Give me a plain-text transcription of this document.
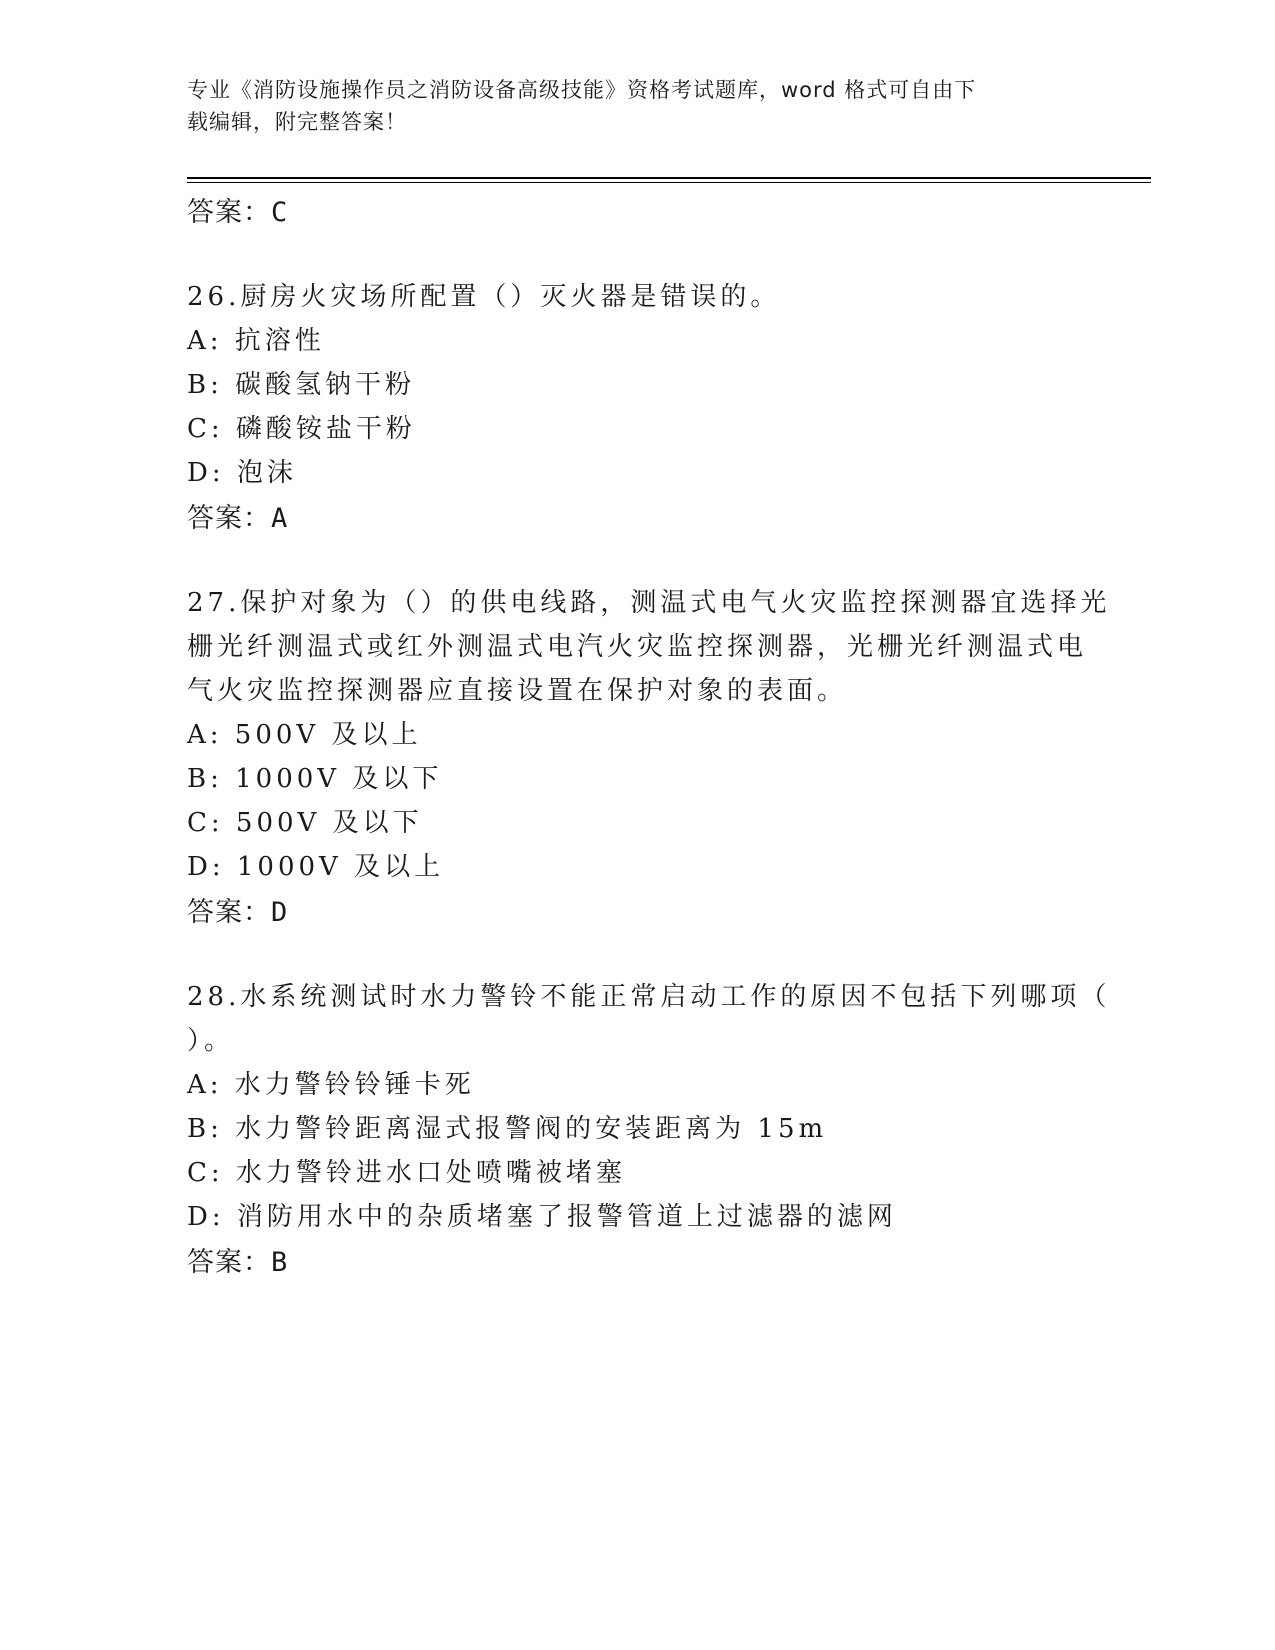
专业《消防设施操作员之消防设备高级技能》资格考试题库，word 格式可自由下
载编辑，附完整答案！
答案：C
26.厨房火灾场所配置（）灭火器是错误的。
A: 抗溶性
B: 碳酸氢钠干粉
C: 磷酸铵盐干粉
D: 泡沫
答案：A
27.保护对象为（）的供电线路，测温式电气火灾监控探测器宜选择光
栅光纤测温式或红外测温式电汽火灾监控探测器，光栅光纤测温式电
气火灾监控探测器应直接设置在保护对象的表面。
A: 500V 及以上
B: 1000V 及以下
C: 500V 及以下
D: 1000V 及以上
答案：D
28.水系统测试时水力警铃不能正常启动工作的原因不包括下列哪项（
）。
A: 水力警铃铃锤卡死
B: 水力警铃距离湿式报警阀的安装距离为 15m
C: 水力警铃进水口处喷嘴被堵塞
D: 消防用水中的杂质堵塞了报警管道上过滤器的滤网
答案：B
